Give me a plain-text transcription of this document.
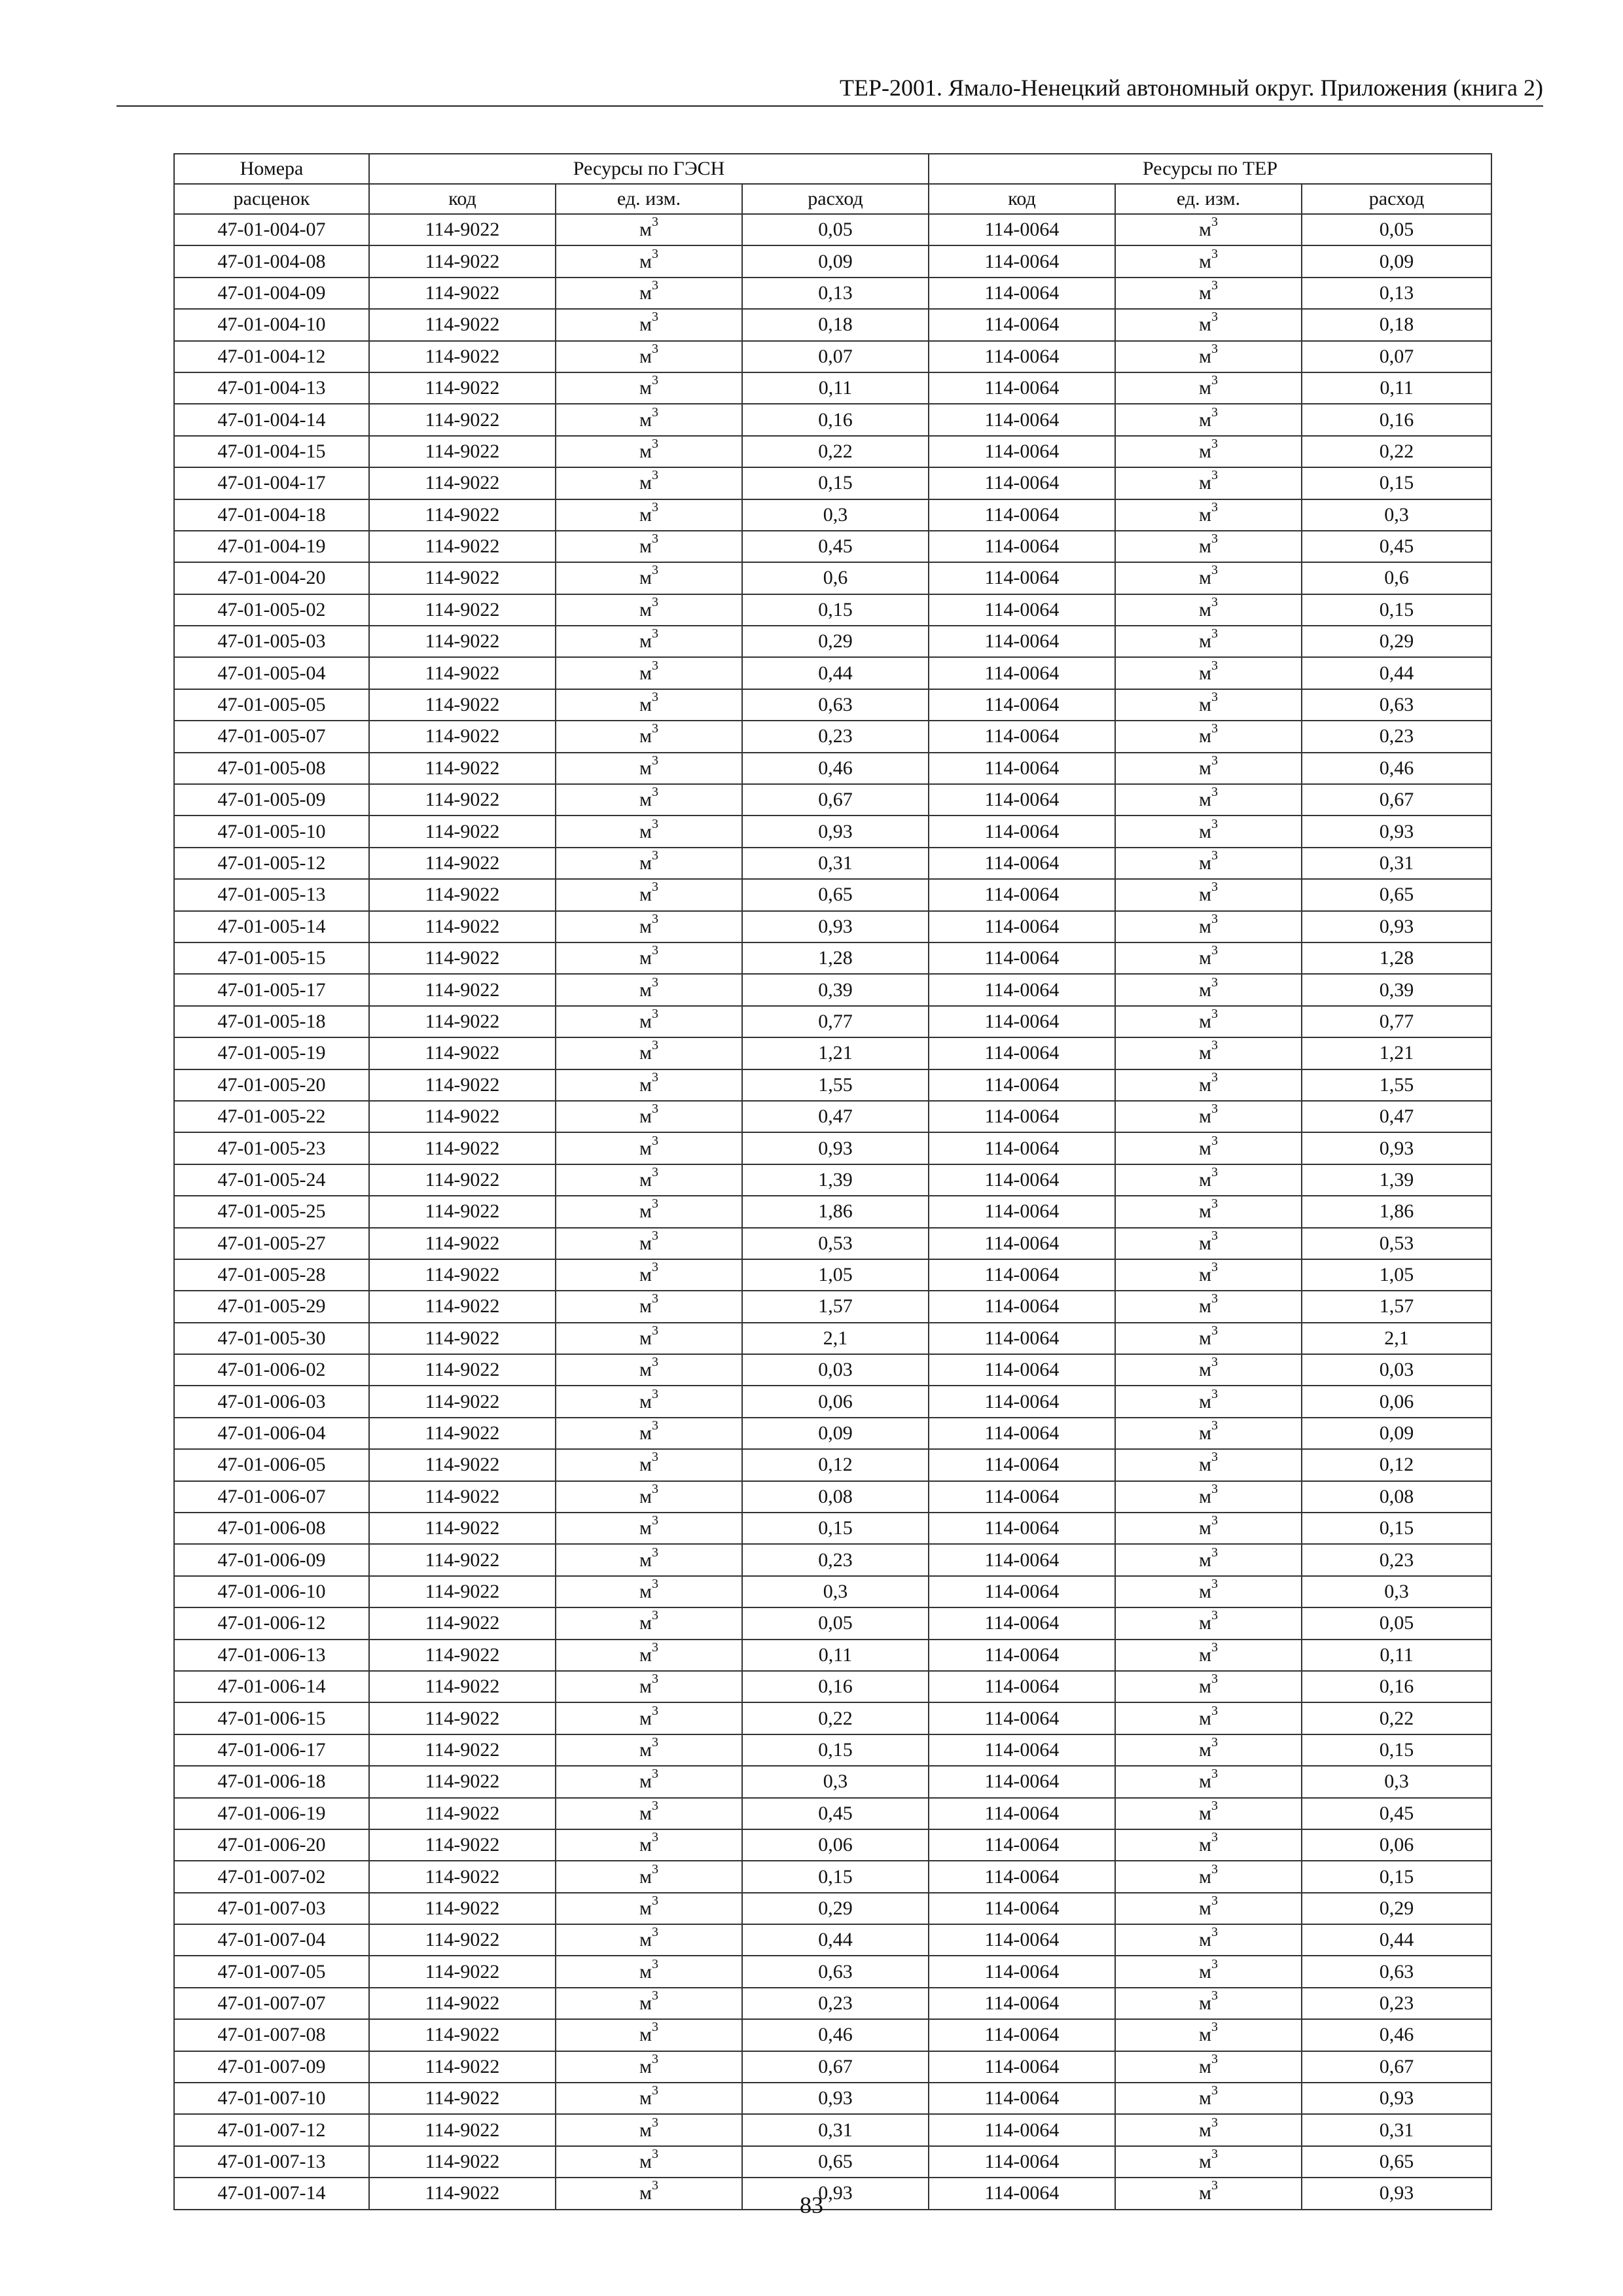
ТЕР-2001. Ямало-Ненецкий автономный округ. Приложения (книга 2)
Номера	Ресурсы по ГЭСН			Ресурсы по ТЕР		
расценок	код	ед. изм.	расход	код	ед. изм.	расход
47-01-004-07	114-9022	$м^3$	0,05	114-0064	$м^3$	0,05
47-01-004-08	114-9022	$м^3$	0,09	114-0064	$м^3$	0,09
47-01-004-09	114-9022	$м^3$	0,13	114-0064	$м^3$	0,13
47-01-004-10	114-9022	$м^3$	0,18	114-0064	$м^3$	0,18
47-01-004-12	114-9022	$м^3$	0,07	114-0064	$м^3$	0,07
47-01-004-13	114-9022	$м^3$	0,11	114-0064	$м^3$	0,11
47-01-004-14	114-9022	$м^3$	0,16	114-0064	$м^3$	0,16
47-01-004-15	114-9022	$м^3$	0,22	114-0064	$м^3$	0,22
47-01-004-17	114-9022	$м^3$	0,15	114-0064	$м^3$	0,15
47-01-004-18	114-9022	$м^3$	0,3	114-0064	$м^3$	0,3
47-01-004-19	114-9022	$м^3$	0,45	114-0064	$м^3$	0,45
47-01-004-20	114-9022	$м^3$	0,6	114-0064	$м^3$	0,6
47-01-005-02	114-9022	$м^3$	0,15	114-0064	$м^3$	0,15
47-01-005-03	114-9022	$м^3$	0,29	114-0064	$м^3$	0,29
47-01-005-04	114-9022	$м^3$	0,44	114-0064	$м^3$	0,44
47-01-005-05	114-9022	$м^3$	0,63	114-0064	$м^3$	0,63
47-01-005-07	114-9022	$м^3$	0,23	114-0064	$м^3$	0,23
47-01-005-08	114-9022	$м^3$	0,46	114-0064	$м^3$	0,46
47-01-005-09	114-9022	$м^3$	0,67	114-0064	$м^3$	0,67
47-01-005-10	114-9022	$м^3$	0,93	114-0064	$м^3$	0,93
47-01-005-12	114-9022	$м^3$	0,31	114-0064	$м^3$	0,31
47-01-005-13	114-9022	$м^3$	0,65	114-0064	$м^3$	0,65
47-01-005-14	114-9022	$м^3$	0,93	114-0064	$м^3$	0,93
47-01-005-15	114-9022	$м^3$	1,28	114-0064	$м^3$	1,28
47-01-005-17	114-9022	$м^3$	0,39	114-0064	$м^3$	0,39
47-01-005-18	114-9022	$м^3$	0,77	114-0064	$м^3$	0,77
47-01-005-19	114-9022	$м^3$	1,21	114-0064	$м^3$	1,21
47-01-005-20	114-9022	$м^3$	1,55	114-0064	$м^3$	1,55
47-01-005-22	114-9022	$м^3$	0,47	114-0064	$м^3$	0,47
47-01-005-23	114-9022	$м^3$	0,93	114-0064	$м^3$	0,93
47-01-005-24	114-9022	$м^3$	1,39	114-0064	$м^3$	1,39
47-01-005-25	114-9022	$м^3$	1,86	114-0064	$м^3$	1,86
47-01-005-27	114-9022	$м^3$	0,53	114-0064	$м^3$	0,53
47-01-005-28	114-9022	$м^3$	1,05	114-0064	$м^3$	1,05
47-01-005-29	114-9022	$м^3$	1,57	114-0064	$м^3$	1,57
47-01-005-30	114-9022	$м^3$	2,1	114-0064	$м^3$	2,1
47-01-006-02	114-9022	$м^3$	0,03	114-0064	$м^3$	0,03
47-01-006-03	114-9022	$м^3$	0,06	114-0064	$м^3$	0,06
47-01-006-04	114-9022	$м^3$	0,09	114-0064	$м^3$	0,09
47-01-006-05	114-9022	$м^3$	0,12	114-0064	$м^3$	0,12
47-01-006-07	114-9022	$м^3$	0,08	114-0064	$м^3$	0,08
47-01-006-08	114-9022	$м^3$	0,15	114-0064	$м^3$	0,15
47-01-006-09	114-9022	$м^3$	0,23	114-0064	$м^3$	0,23
47-01-006-10	114-9022	$м^3$	0,3	114-0064	$м^3$	0,3
47-01-006-12	114-9022	$м^3$	0,05	114-0064	$м^3$	0,05
47-01-006-13	114-9022	$м^3$	0,11	114-0064	$м^3$	0,11
47-01-006-14	114-9022	$м^3$	0,16	114-0064	$м^3$	0,16
47-01-006-15	114-9022	$м^3$	0,22	114-0064	$м^3$	0,22
47-01-006-17	114-9022	$м^3$	0,15	114-0064	$м^3$	0,15
47-01-006-18	114-9022	$м^3$	0,3	114-0064	$м^3$	0,3
47-01-006-19	114-9022	$м^3$	0,45	114-0064	$м^3$	0,45
47-01-006-20	114-9022	$м^3$	0,06	114-0064	$м^3$	0,06
47-01-007-02	114-9022	$м^3$	0,15	114-0064	$м^3$	0,15
47-01-007-03	114-9022	$м^3$	0,29	114-0064	$м^3$	0,29
47-01-007-04	114-9022	$м^3$	0,44	114-0064	$м^3$	0,44
47-01-007-05	114-9022	$м^3$	0,63	114-0064	$м^3$	0,63
47-01-007-07	114-9022	$м^3$	0,23	114-0064	$м^3$	0,23
47-01-007-08	114-9022	$м^3$	0,46	114-0064	$м^3$	0,46
47-01-007-09	114-9022	$м^3$	0,67	114-0064	$м^3$	0,67
47-01-007-10	114-9022	$м^3$	0,93	114-0064	$м^3$	0,93
47-01-007-12	114-9022	$м^3$	0,31	114-0064	$м^3$	0,31
47-01-007-13	114-9022	$м^3$	0,65	114-0064	$м^3$	0,65
47-01-007-14	114-9022	$м^3$	0,93	114-0064	$м^3$	0,93
83
